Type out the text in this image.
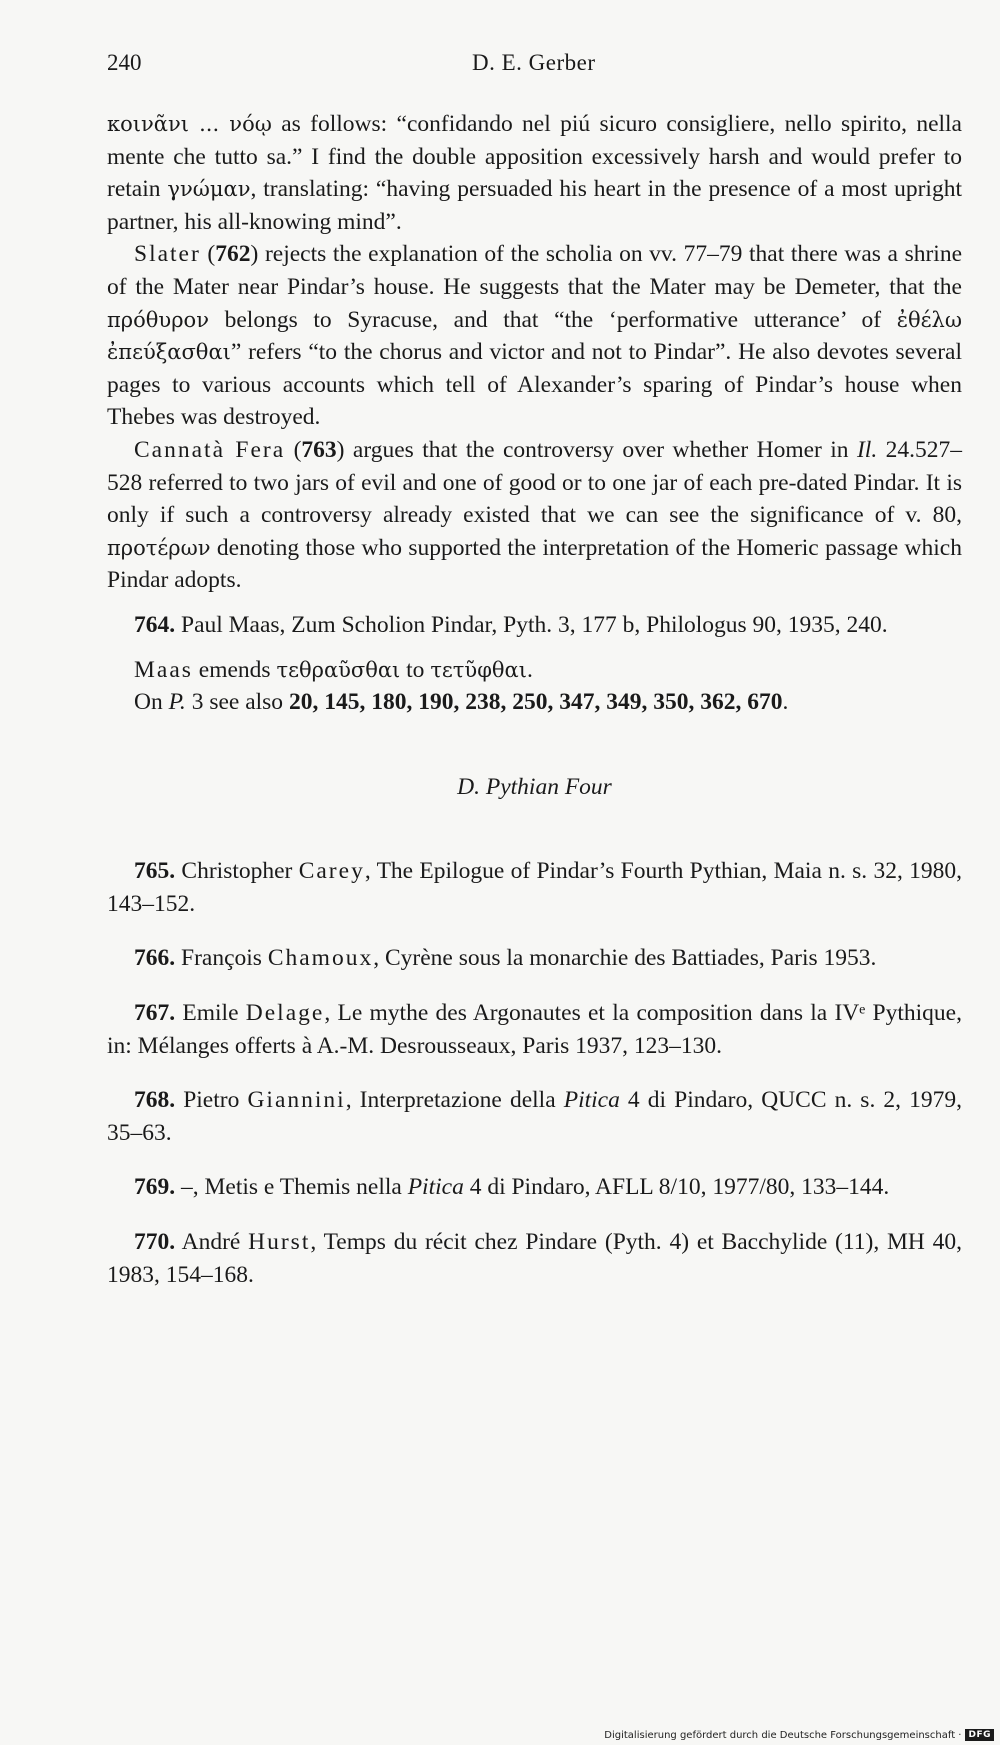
240	D. E. Gerber

κοινᾶνι ... νόῳ as follows: “confidando nel piú sicuro consigliere, nello spirito, nella mente che tutto sa.” I find the double apposition excessively harsh and would prefer to retain γνώμαν, translating: “having persuaded his heart in the presence of a most upright partner, his all-knowing mind”.

Slater (762) rejects the explanation of the scholia on vv. 77–79 that there was a shrine of the Mater near Pindar’s house. He suggests that the Mater may be Demeter, that the πρόθυρον belongs to Syracuse, and that “the ‘performative utterance’ of ἐθέλω ἐπεύξασθαι” refers “to the chorus and victor and not to Pindar”. He also devotes several pages to various accounts which tell of Alexander’s sparing of Pindar’s house when Thebes was destroyed.

Cannatà Fera (763) argues that the controversy over whether Homer in Il. 24.527–528 referred to two jars of evil and one of good or to one jar of each pre-dated Pindar. It is only if such a controversy already existed that we can see the significance of v. 80, προτέρων denoting those who supported the interpretation of the Homeric passage which Pindar adopts.

764. Paul Maas, Zum Scholion Pindar, Pyth. 3, 177 b, Philologus 90, 1935, 240.

Maas emends τεθραῦσθαι to τετῦφθαι.

On P. 3 see also 20, 145, 180, 190, 238, 250, 347, 349, 350, 362, 670.

D. Pythian Four

765. Christopher Carey, The Epilogue of Pindar’s Fourth Pythian, Maia n. s. 32, 1980, 143–152.

766. François Chamoux, Cyrène sous la monarchie des Battiades, Paris 1953.

767. Emile Delage, Le mythe des Argonautes et la composition dans la IVᵉ Pythique, in: Mélanges offerts à A.-M. Desrousseaux, Paris 1937, 123–130.

768. Pietro Giannini, Interpretazione della Pitica 4 di Pindaro, QUCC n. s. 2, 1979, 35–63.

769. –, Metis e Themis nella Pitica 4 di Pindaro, AFLL 8/10, 1977/80, 133–144.

770. André Hurst, Temps du récit chez Pindare (Pyth. 4) et Bacchylide (11), MH 40, 1983, 154–168.

Digitalisierung gefördert durch die Deutsche Forschungsgemeinschaft · DFG
